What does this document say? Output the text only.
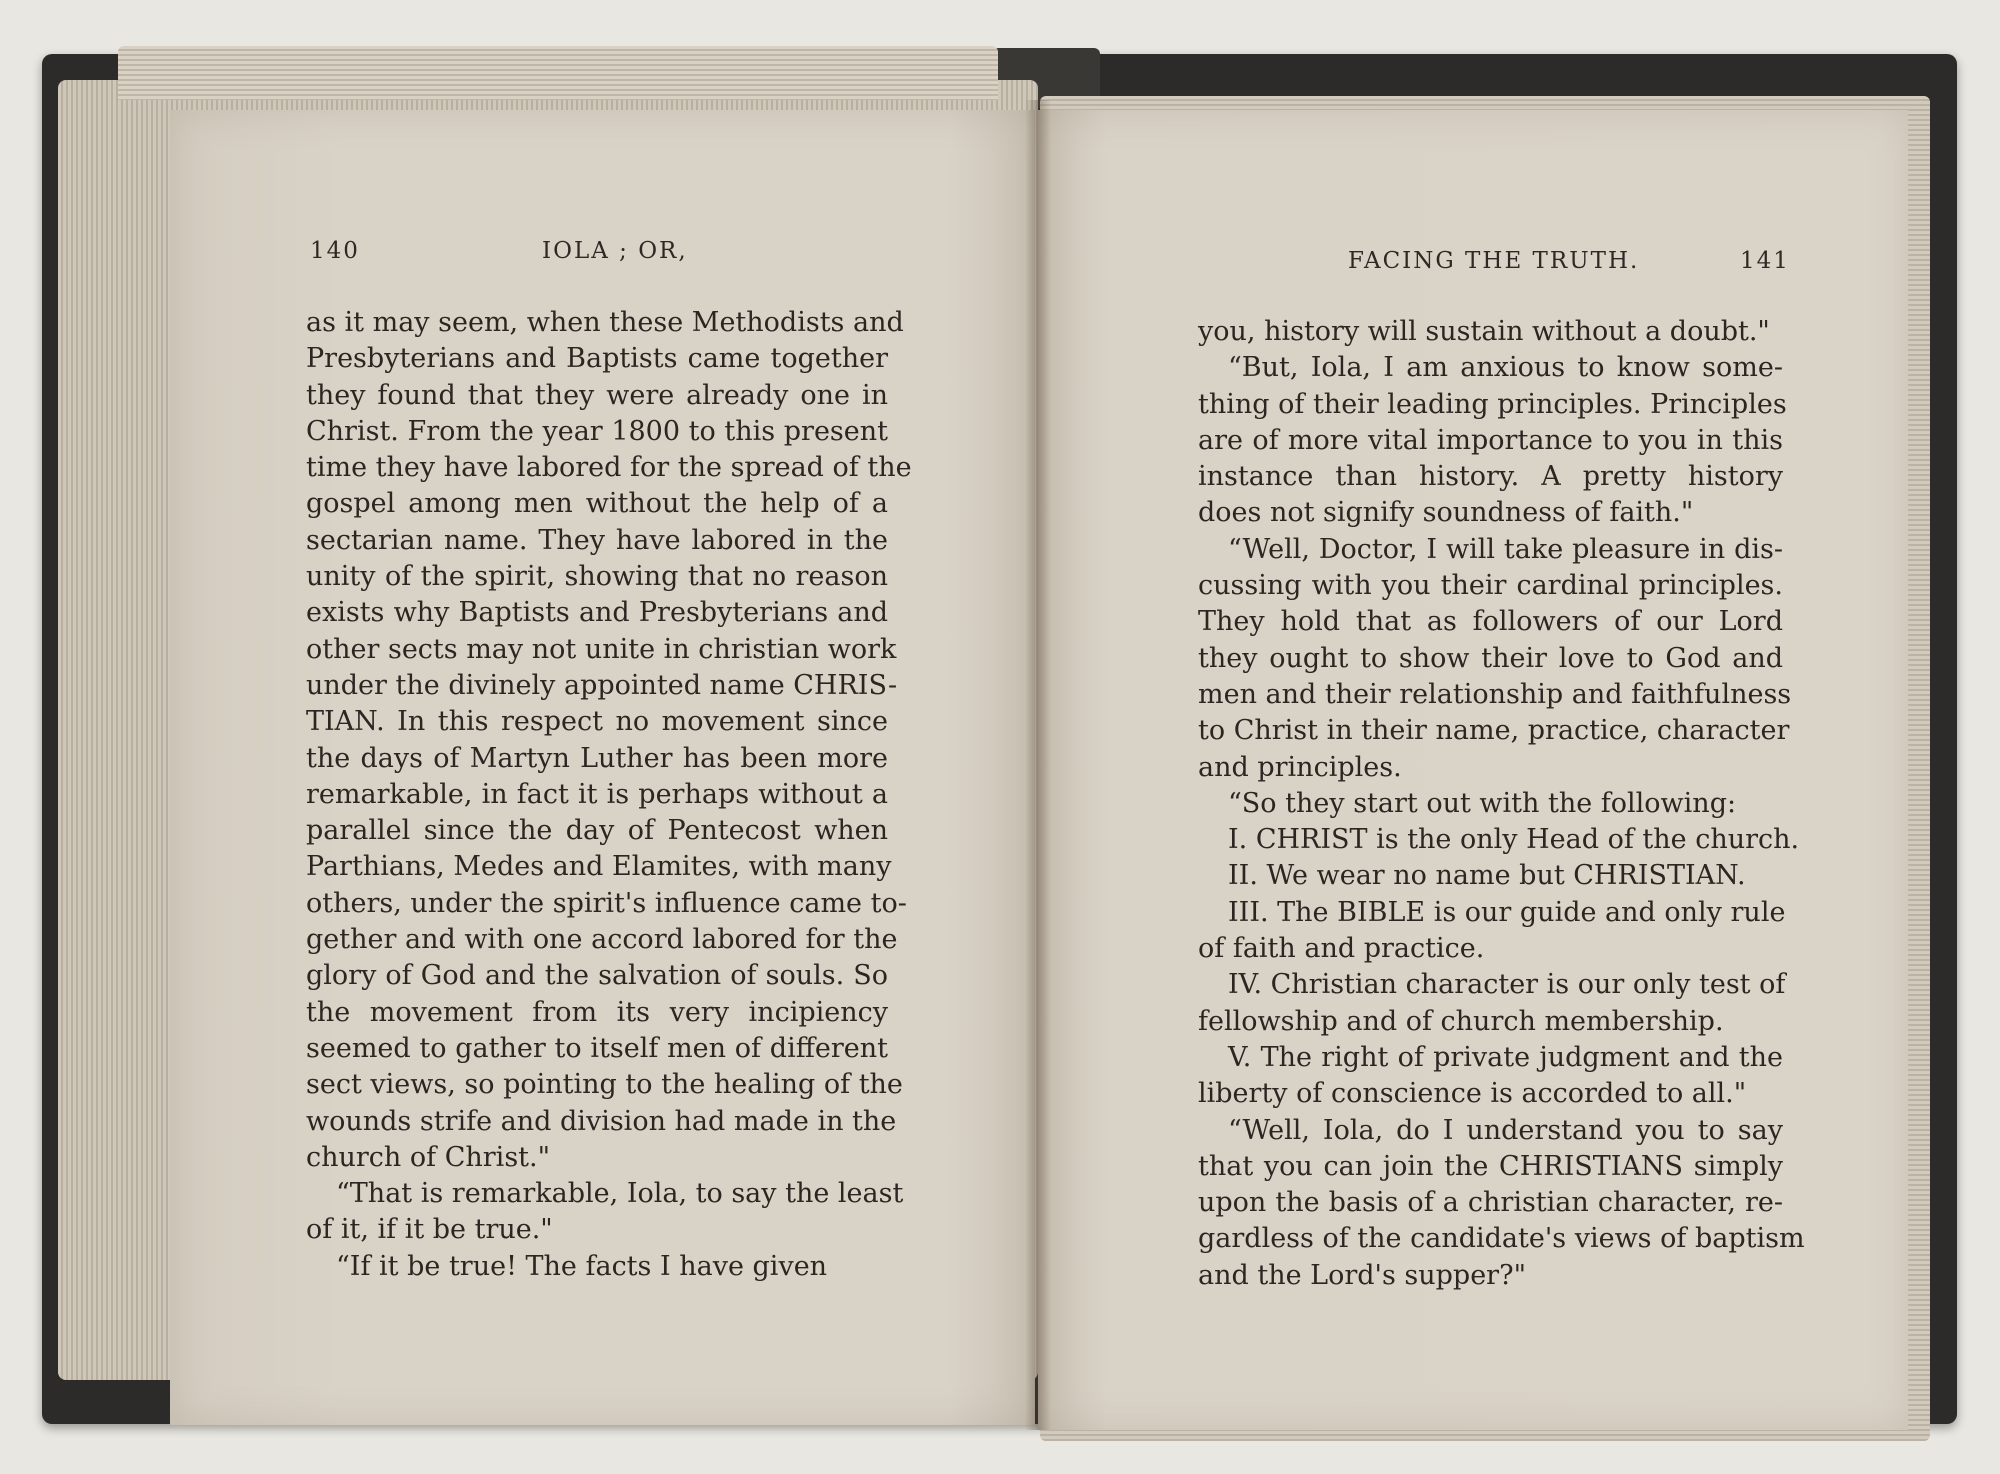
140	IOLA ; OR,
as it may seem, when these Methodists and
Presbyterians and Baptists came together
they found that they were already one in
Christ. From the year 1800 to this present
time they have labored for the spread of the
gospel among men without the help of a
sectarian name. They have labored in the
unity of the spirit, showing that no reason
exists why Baptists and Presbyterians and
other sects may not unite in christian work
under the divinely appointed name CHRIS-
TIAN. In this respect no movement since
the days of Martyn Luther has been more
remarkable, in fact it is perhaps without a
parallel since the day of Pentecost when
Parthians, Medes and Elamites, with many
others, under the spirit's influence came to-
gether and with one accord labored for the
glory of God and the salvation of souls. So
the movement from its very incipiency
seemed to gather to itself men of different
sect views, so pointing to the healing of the
wounds strife and division had made in the
church of Christ."
“That is remarkable, Iola, to say the least
of it, if it be true."
“If it be true! The facts I have given
FACING THE TRUTH.	141
you, history will sustain without a doubt."
“But, Iola, I am anxious to know some-
thing of their leading principles. Principles
are of more vital importance to you in this
instance than history. A pretty history
does not signify soundness of faith."
“Well, Doctor, I will take pleasure in dis-
cussing with you their cardinal principles.
They hold that as followers of our Lord
they ought to show their love to God and
men and their relationship and faithfulness
to Christ in their name, practice, character
and principles.
“So they start out with the following:
I. CHRIST is the only Head of the church.
II. We wear no name but CHRISTIAN.
III. The BIBLE is our guide and only rule
of faith and practice.
IV. Christian character is our only test of
fellowship and of church membership.
V. The right of private judgment and the
liberty of conscience is accorded to all."
“Well, Iola, do I understand you to say
that you can join the CHRISTIANS simply
upon the basis of a christian character, re-
gardless of the candidate's views of baptism
and the Lord's supper?"
